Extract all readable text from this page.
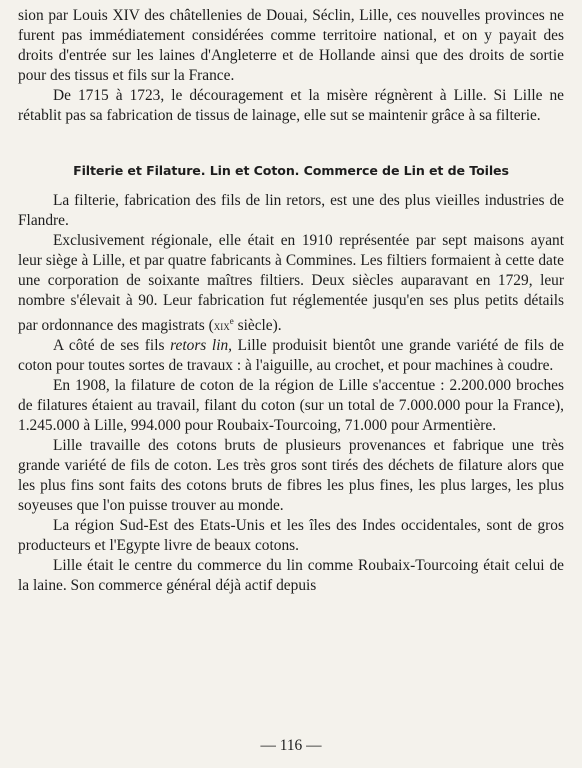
sion par Louis XIV des châtellenies de Douai, Séclin, Lille, ces nouvelles provinces ne furent pas immédiatement considérées comme territoire national, et on y payait des droits d'entrée sur les laines d'Angleterre et de Hollande ainsi que des droits de sortie pour des tissus et fils sur la France.

De 1715 à 1723, le découragement et la misère régnèrent à Lille. Si Lille ne rétablit pas sa fabrication de tissus de lainage, elle sut se maintenir grâce à sa filterie.

Filterie et Filature. Lin et Coton. Commerce de Lin et de Toiles

La filterie, fabrication des fils de lin retors, est une des plus vieilles industries de Flandre.

Exclusivement régionale, elle était en 1910 représentée par sept maisons ayant leur siège à Lille, et par quatre fabricants à Commines. Les filtiers formaient à cette date une corporation de soixante maîtres filtiers. Deux siècles auparavant en 1729, leur nombre s'élevait à 90. Leur fabrication fut réglementée jusqu'en ses plus petits détails par ordonnance des magistrats (xix$^e$ siècle).

A côté de ses fils retors lin, Lille produisit bientôt une grande variété de fils de coton pour toutes sortes de travaux : à l'aiguille, au crochet, et pour machines à coudre.

En 1908, la filature de coton de la région de Lille s'accentue : 2.200.000 broches de filatures étaient au travail, filant du coton (sur un total de 7.000.000 pour la France), 1.245.000 à Lille, 994.000 pour Roubaix-Tourcoing, 71.000 pour Armentière.

Lille travaille des cotons bruts de plusieurs provenances et fabrique une très grande variété de fils de coton. Les très gros sont tirés des déchets de filature alors que les plus fins sont faits des cotons bruts de fibres les plus fines, les plus larges, les plus soyeuses que l'on puisse trouver au monde.

La région Sud-Est des Etats-Unis et les îles des Indes occidentales, sont de gros producteurs et l'Egypte livre de beaux cotons.

Lille était le centre du commerce du lin comme Roubaix-Tourcoing était celui de la laine. Son commerce général déjà actif depuis

— 116 —
